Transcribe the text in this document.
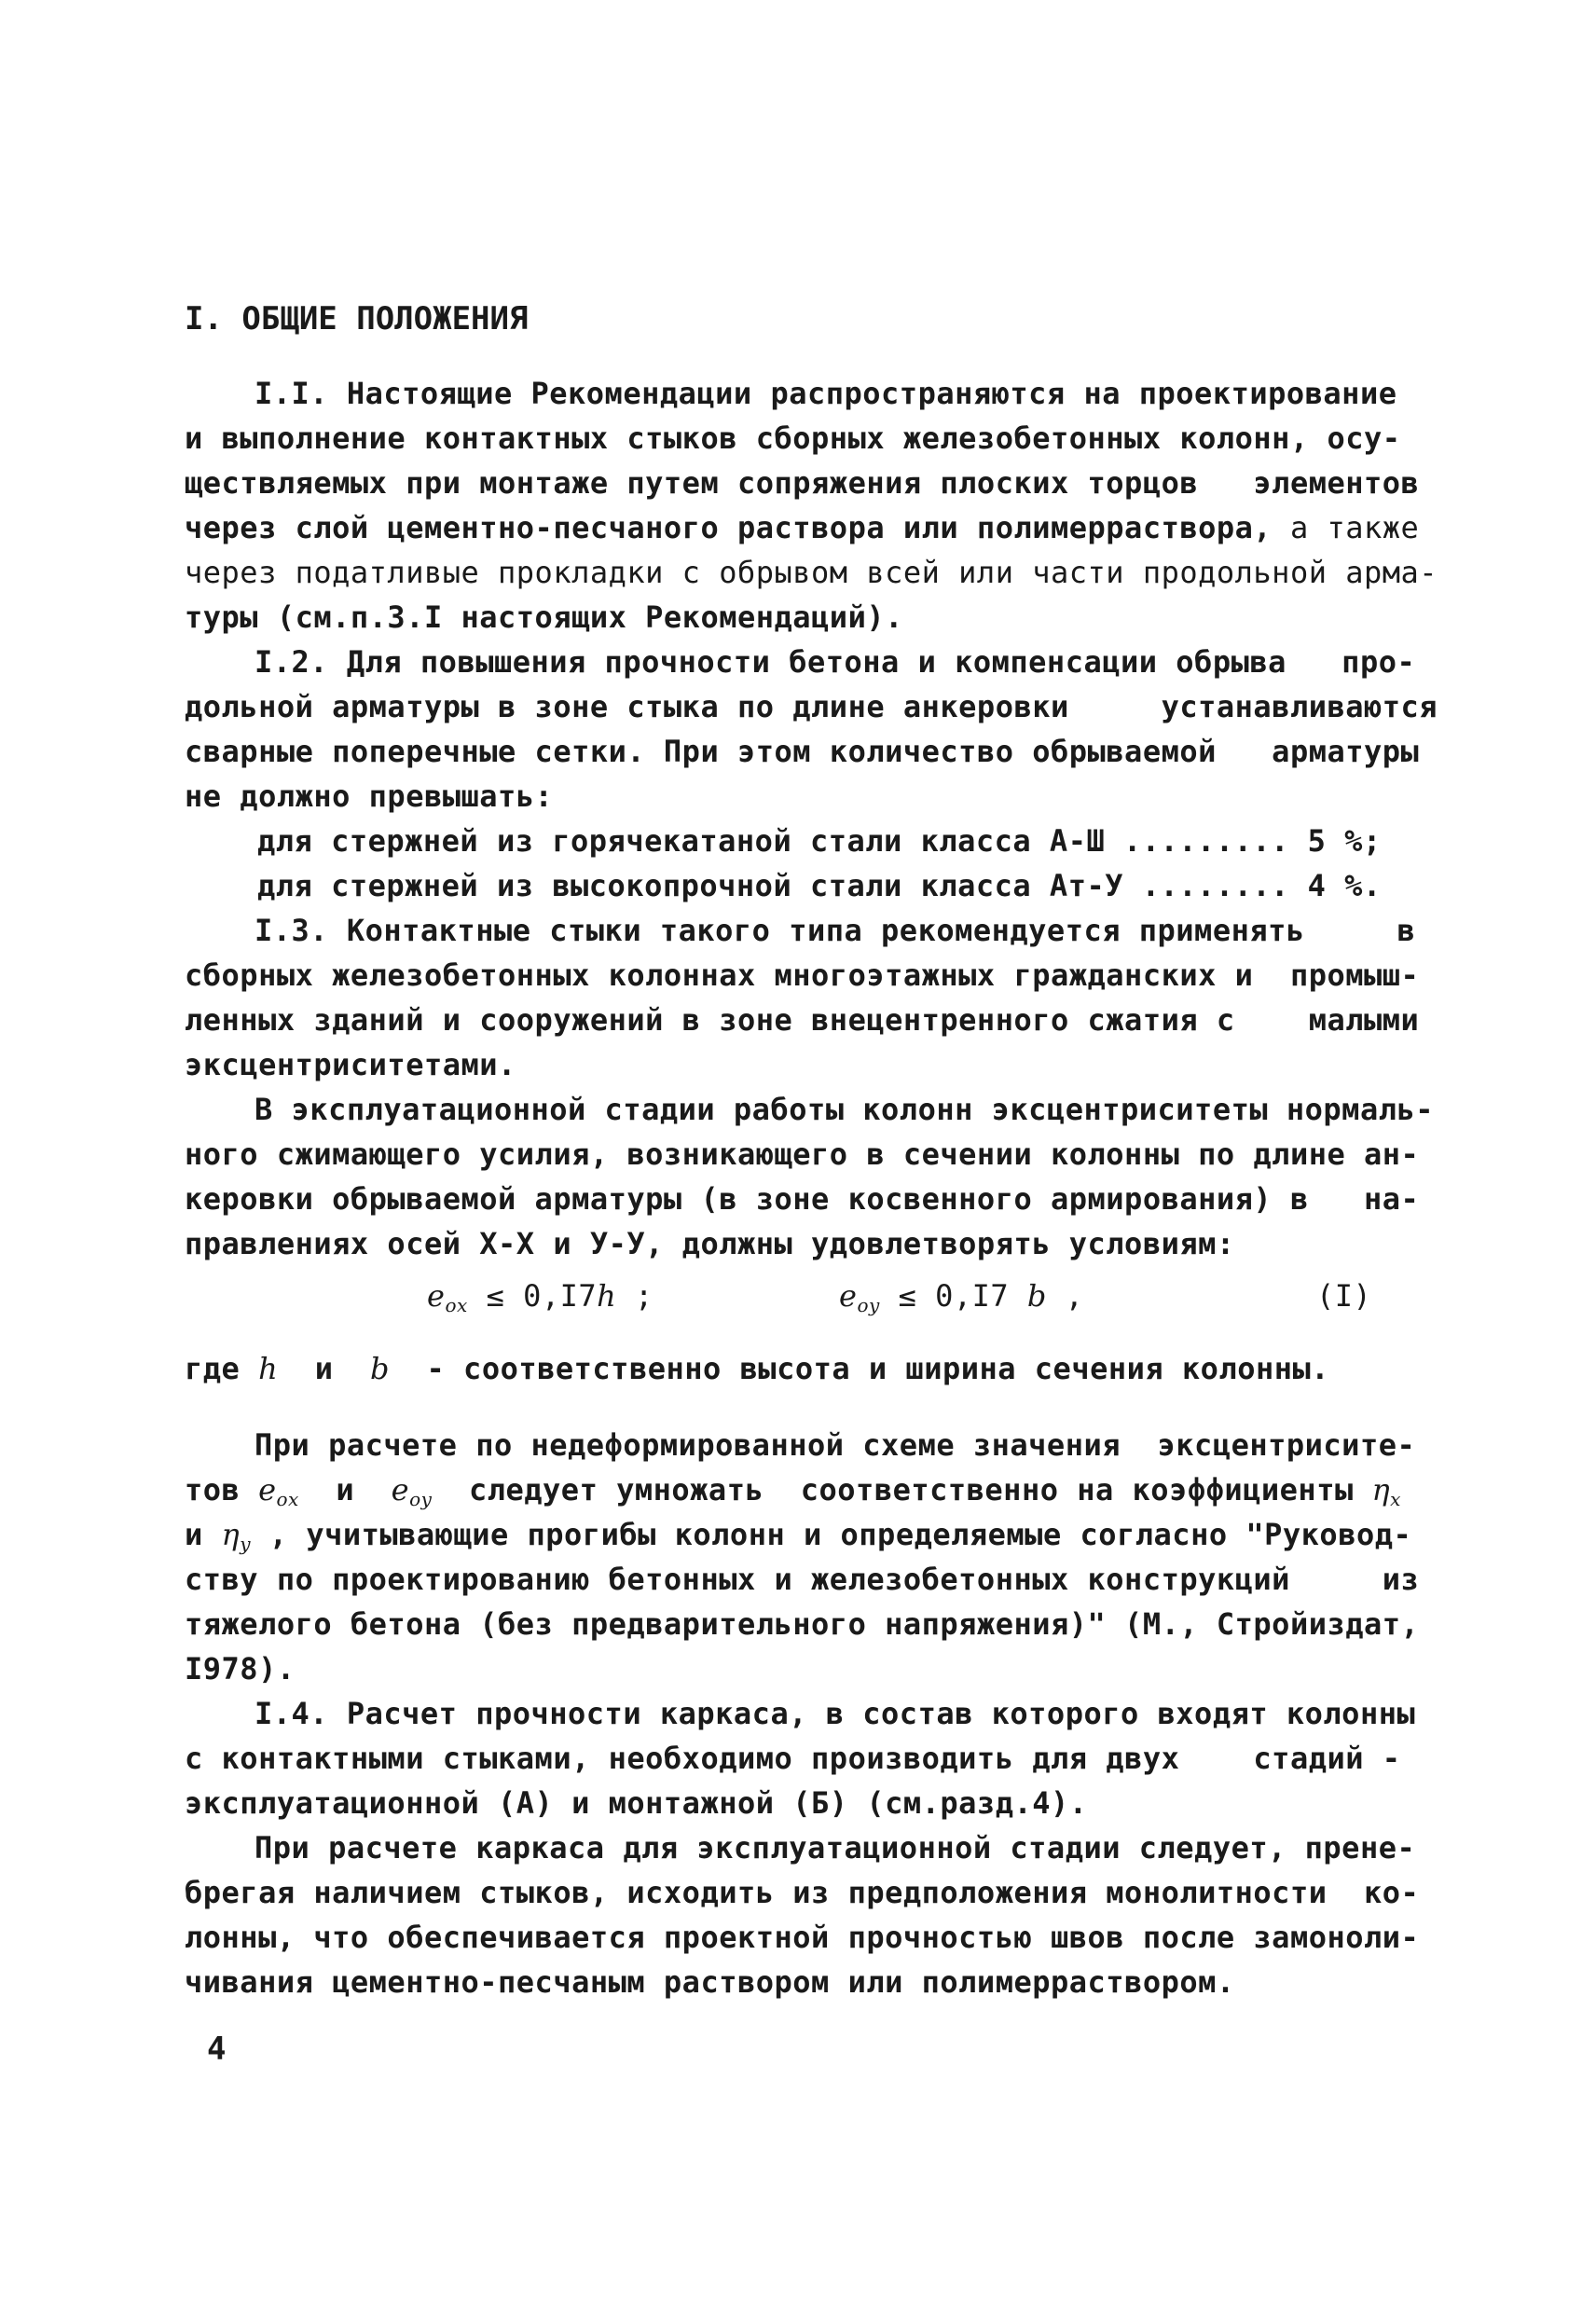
I. ОБЩИЕ ПОЛОЖЕНИЯ
I.I. Настоящие Рекомендации распространяются на проектирование
и выполнение контактных стыков сборных железобетонных колонн, осу-
ществляемых при монтаже путем сопряжения плоских торцов   элементов
через слой цементно-песчаного раствора или полимерраствора, а также
через податливые прокладки с обрывом всей или части продольной арма-
туры (см.п.3.I настоящих Рекомендаций).
I.2. Для повышения прочности бетона и компенсации обрыва   про-
дольной арматуры в зоне стыка по длине анкеровки     устанавливаются
сварные поперечные сетки. При этом количество обрываемой   арматуры
не должно превышать:
для стержней из горячекатаной стали класса А-Ш ......... 5 %;
для стержней из высокопрочной стали класса Ат-У ........ 4 %.
I.3. Контактные стыки такого типа рекомендуется применять     в
сборных железобетонных колоннах многоэтажных гражданских и  промыш-
ленных зданий и сооружений в зоне внецентренного сжатия с    малыми
эксцентриситетами.
В эксплуатационной стадии работы колонн эксцентриситеты нормаль-
ного сжимающего усилия, возникающего в сечении колонны по длине ан-
керовки обрываемой арматуры (в зоне косвенного армирования) в   на-
правлениях осей Х-Х и У-У, должны удовлетворять условиям:
$e_{ox} \le 0,I7h$ ;	$e_{oy} \le 0,I7$ b ,	(I)
где h и b - соответственно высота и ширина сечения колонны.
При расчете по недеформированной схеме значения  эксцентриситe-
тов $e_{ox}$ и $e_{oy}$ следует умножать  соответственно на коэффициенты $\eta_x$
и $\eta_y$ , учитывающие прогибы колонн и определяемые согласно "Руковод-
ству по проектированию бетонных и железобетонных конструкций     из
тяжелого бетона (без предварительного напряжения)" (М., Стройиздат,
I978).
I.4. Расчет прочности каркаса, в состав которого входят колонны
с контактными стыками, необходимо производить для двух    стадий -
эксплуатационной (А) и монтажной (Б) (см.разд.4).
При расчете каркаса для эксплуатационной стадии следует, прене-
брегая наличием стыков, исходить из предположения монолитности  ко-
лонны, что обеспечивается проектной прочностью швов после замоноли-
чивания цементно-песчаным раствором или полимерраствором.
4
